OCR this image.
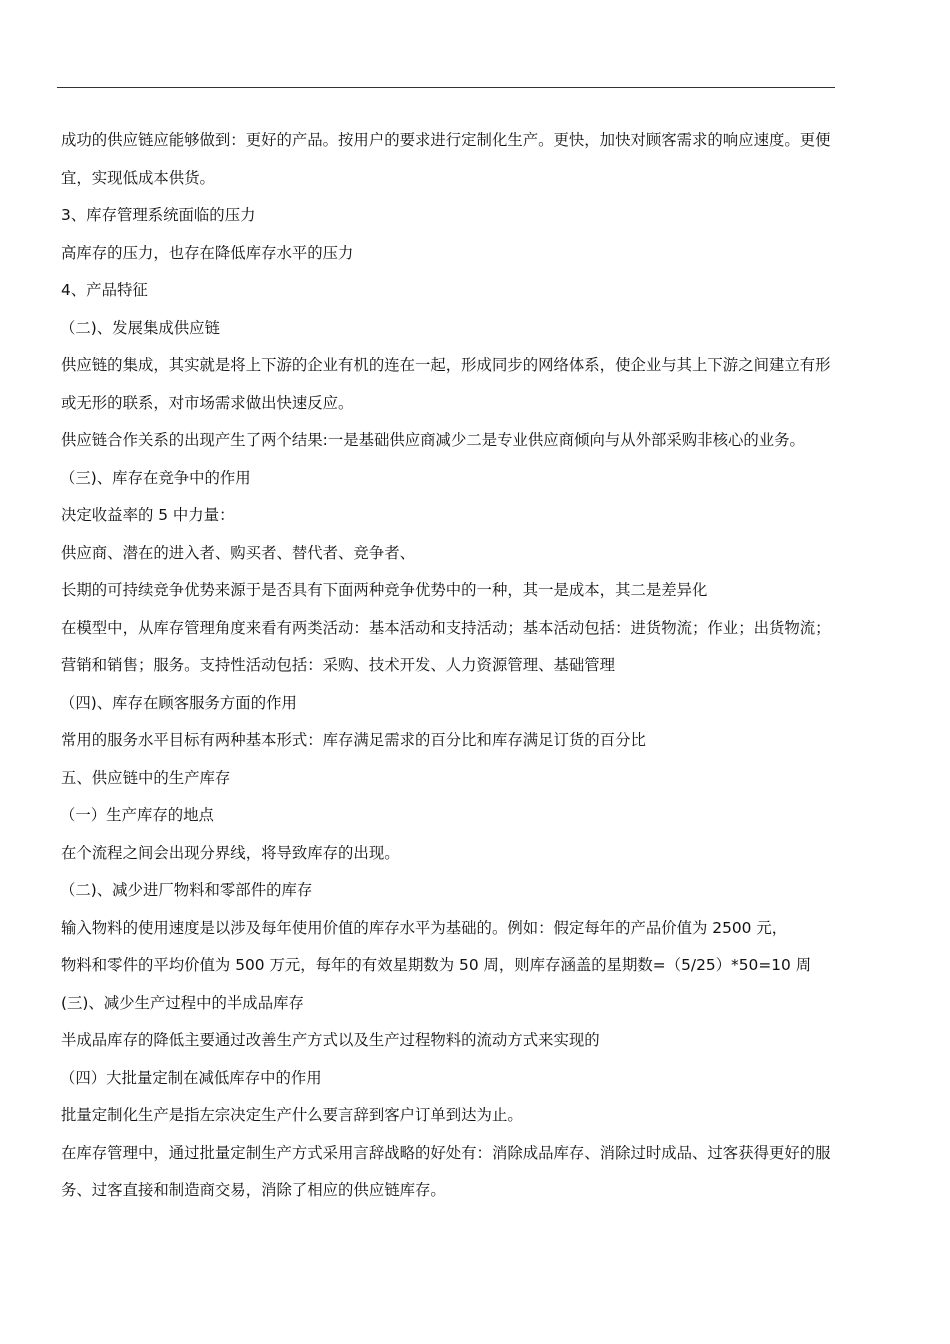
成功的供应链应能够做到：更好的产品。按用户的要求进行定制化生产。更快，加快对顾客需求的响应速度。更便宜，实现低成本供货。

3、库存管理系统面临的压力

高库存的压力，也存在降低库存水平的压力

4、产品特征

（二)、发展集成供应链

供应链的集成，其实就是将上下游的企业有机的连在一起，形成同步的网络体系，使企业与其上下游之间建立有形或无形的联系，对市场需求做出快速反应。

供应链合作关系的出现产生了两个结果:一是基础供应商减少二是专业供应商倾向与从外部采购非核心的业务。

（三)、库存在竞争中的作用

决定收益率的 5 中力量：

供应商、潜在的进入者、购买者、替代者、竞争者、

长期的可持续竞争优势来源于是否具有下面两种竞争优势中的一种，其一是成本，其二是差异化

在模型中，从库存管理角度来看有两类活动：基本活动和支持活动；基本活动包括：进货物流；作业；出货物流；营销和销售；服务。支持性活动包括：采购、技术开发、人力资源管理、基础管理

（四)、库存在顾客服务方面的作用

常用的服务水平目标有两种基本形式：库存满足需求的百分比和库存满足订货的百分比

五、供应链中的生产库存

（一）生产库存的地点

在个流程之间会出现分界线，将导致库存的出现。

（二)、减少进厂物料和零部件的库存

输入物料的使用速度是以涉及每年使用价值的库存水平为基础的。例如：假定每年的产品价值为 2500 元，

物料和零件的平均价值为 500 万元，每年的有效星期数为 50 周，则库存涵盖的星期数=（5/25）*50=10 周

(三)、减少生产过程中的半成品库存

半成品库存的降低主要通过改善生产方式以及生产过程物料的流动方式来实现的

（四）大批量定制在减低库存中的作用

批量定制化生产是指左宗决定生产什么要言辞到客户订单到达为止。

在库存管理中，通过批量定制生产方式采用言辞战略的好处有：消除成品库存、消除过时成品、过客获得更好的服务、过客直接和制造商交易，消除了相应的供应链库存。
